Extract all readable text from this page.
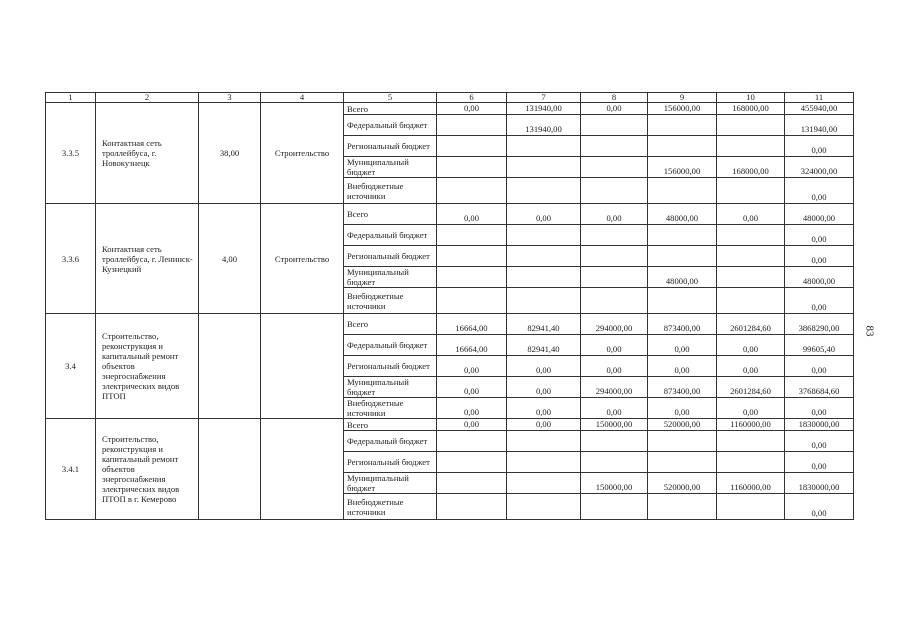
83
1	2	3	4	5	6	7	8	9	10	11
3.3.5	Контактная сеть троллейбуса, г. Новокузнецк	38,00	Строительство	Всего	0,00	131940,00	0,00	156000,00	168000,00	455940,00
				Федеральный бюджет		131940,00				131940,00
				Региональный бюджет						0,00
				Муниципальный бюджет				156000,00	168000,00	324000,00
				Внебюджетные источники						0,00
3.3.6	Контактная сеть троллейбуса, г. Ленинск-Кузнецкий	4,00	Строительство	Всего	0,00	0,00	0,00	48000,00	0,00	48000,00
				Федеральный бюджет						0,00
				Региональный бюджет						0,00
				Муниципальный бюджет				48000,00		48000,00
				Внебюджетные источники						0,00
3.4	Строительство, реконструкция и капитальный ремонт объектов энергоснабжения электрических видов ПТОП			Всего	16664,00	82941,40	294000,00	873400,00	2601284,60	3868290,00
				Федеральный бюджет	16664,00	82941,40	0,00	0,00	0,00	99605,40
				Региональный бюджет	0,00	0,00	0,00	0,00	0,00	0,00
				Муниципальный бюджет	0,00	0,00	294000,00	873400,00	2601284,60	3768684,60
				Внебюджетные источники	0,00	0,00	0,00	0,00	0,00	0,00
3.4.1	Строительство, реконструкция и капитальный ремонт объектов энергоснабжения электрических видов ПТОП в г. Кемерово			Всего	0,00	0,00	150000,00	520000,00	1160000,00	1830000,00
				Федеральный бюджет						0,00
				Региональный бюджет						0,00
				Муниципальный бюджет			150000,00	520000,00	1160000,00	1830000,00
				Внебюджетные источники						0,00
